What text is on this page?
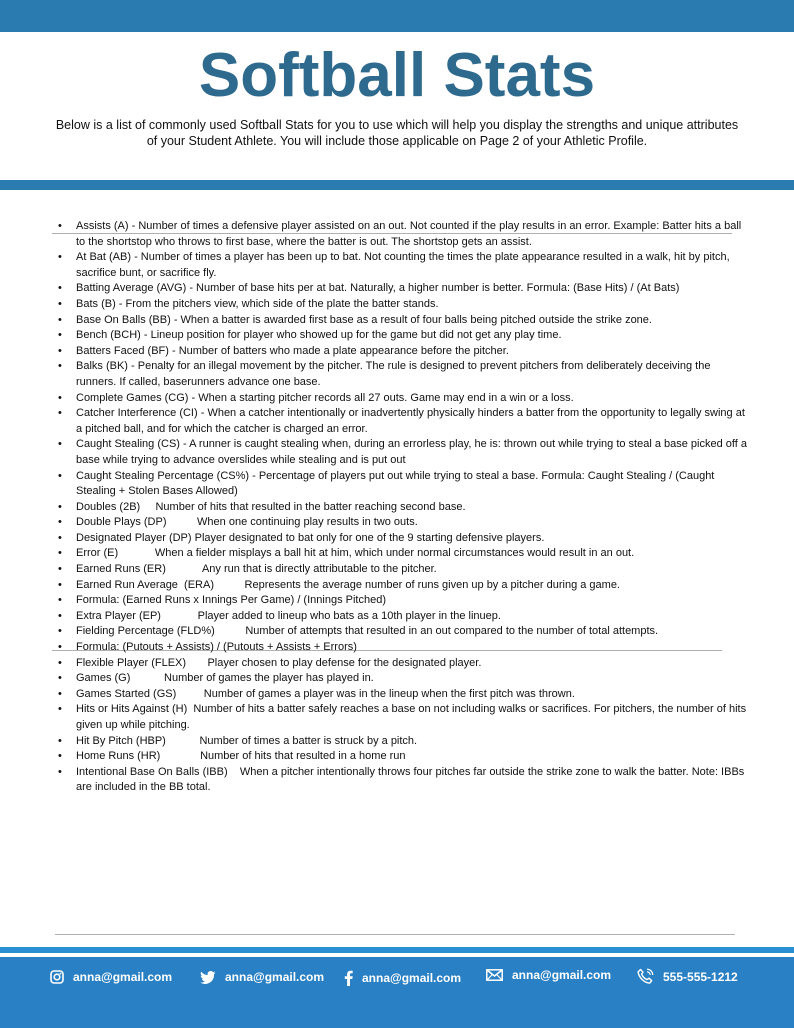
Softball Stats
Below is a list of commonly used Softball Stats for you to use which will help you display the strengths and unique attributes of your Student Athlete. You will include those applicable on Page 2 of your Athletic Profile.
• Assists (A) - Number of times a defensive player assisted on an out. Not counted if the play results in an error. Example: Batter hits a ball to the shortstop who throws to first base, where the batter is out. The shortstop gets an assist.
• At Bat (AB) - Number of times a player has been up to bat. Not counting the times the plate appearance resulted in a walk, hit by pitch, sacrifice bunt, or sacrifice fly.
• Batting Average (AVG) - Number of base hits per at bat. Naturally, a higher number is better. Formula: (Base Hits) / (At Bats)
• Bats (B) - From the pitchers view, which side of the plate the batter stands.
• Base On Balls (BB) - When a batter is awarded first base as a result of four balls being pitched outside the strike zone.
• Bench (BCH) - Lineup position for player who showed up for the game but did not get any play time.
• Batters Faced (BF) - Number of batters who made a plate appearance before the pitcher.
• Balks (BK) - Penalty for an illegal movement by the pitcher. The rule is designed to prevent pitchers from deliberately deceiving the runners. If called, baserunners advance one base.
• Complete Games (CG) - When a starting pitcher records all 27 outs. Game may end in a win or a loss.
• Catcher Interference (CI) - When a catcher intentionally or inadvertently physically hinders a batter from the opportunity to legally swing at a pitched ball, and for which the catcher is charged an error.
• Caught Stealing (CS) - A runner is caught stealing when, during an errorless play, he is: thrown out while trying to steal a base picked off a base while trying to advance overslides while stealing and is put out
• Caught Stealing Percentage (CS%) - Percentage of players put out while trying to steal a base. Formula: Caught Stealing / (Caught Stealing + Stolen Bases Allowed)
• Doubles (2B)     Number of hits that resulted in the batter reaching second base.
• Double Plays (DP)          When one continuing play results in two outs.
• Designated Player (DP) Player designated to bat only for one of the 9 starting defensive players.
• Error (E)            When a fielder misplays a ball hit at him, which under normal circumstances would result in an out.
• Earned Runs (ER)            Any run that is directly attributable to the pitcher.
• Earned Run Average  (ERA)          Represents the average number of runs given up by a pitcher during a game.
• Formula: (Earned Runs x Innings Per Game) / (Innings Pitched)
• Extra Player (EP)            Player added to lineup who bats as a 10th player in the linuep.
• Fielding Percentage (FLD%)          Number of attempts that resulted in an out compared to the number of total attempts.
• Formula: (Putouts + Assists) / (Putouts + Assists + Errors)
• Flexible Player (FLEX)       Player chosen to play defense for the designated player.
• Games (G)           Number of games the player has played in.
• Games Started (GS)         Number of games a player was in the lineup when the first pitch was thrown.
• Hits or Hits Against (H)  Number of hits a batter safely reaches a base on not including walks or sacrifices. For pitchers, the number of hits given up while pitching.
• Hit By Pitch (HBP)           Number of times a batter is struck by a pitch.
• Home Runs (HR)             Number of hits that resulted in a home run
• Intentional Base On Balls (IBB)    When a pitcher intentionally throws four pitches far outside the strike zone to walk the batter. Note: IBBs are included in the BB total.
anna@gmail.com	anna@gmail.com	anna@gmail.com	anna@gmail.com	555-555-1212
